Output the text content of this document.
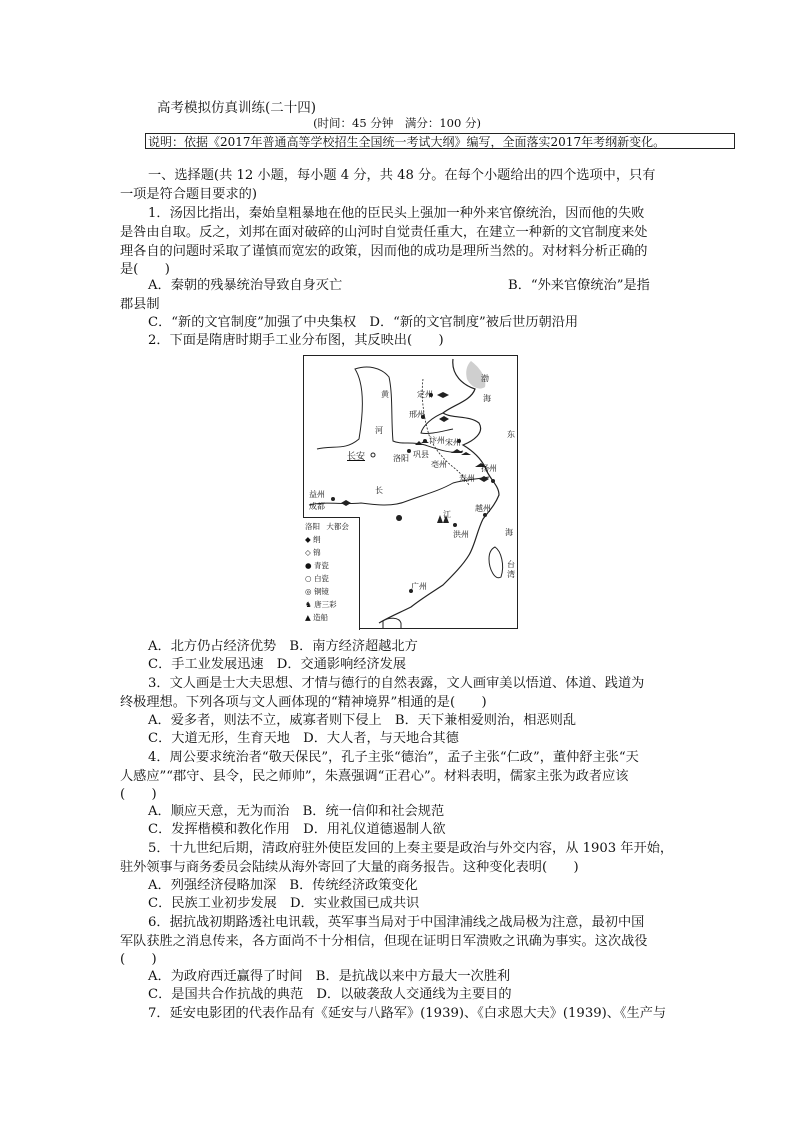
高考模拟仿真训练(二十四)
(时间：45 分钟　满分：100 分)
说明：依据《2017年普通高等学校招生全国统一考试大纲》编写，全面落实2017年考纲新变化。
一、选择题(共 12 小题，每小题 4 分，共 48 分。在每个小题给出的四个选项中，只有
一项是符合题目要求的)
1．汤因比指出，秦始皇粗暴地在他的臣民头上强加一种外来官僚统治，因而他的失败
是咎由自取。反之，刘邦在面对破碎的山河时自觉责任重大，在建立一种新的文官制度来处
理各自的问题时采取了谨慎而宽宏的政策，因而他的成功是理所当然的。对材料分析正确的
是(　　)
A．秦朝的残暴统治导致自身灭亡	B．“外来官僚统治”是指
郡县制
C．“新的文官制度”加强了中央集权　D．“新的文官制度”被后世历朝沿用
2．下面是隋唐时期手工业分布图，其反映出(　　)
渤
海
黄
河
长
江
东
海
台
湾
定州
邢州
长安	洛阳
汴州 宋州
巩县
亳州	扬州
寿州
益州
成都
洪州
越州
广州
洛阳 大都会
◆ 绢
◇ 锦
● 青瓷
○ 白瓷
◎ 铜镜
♞ 唐三彩
▲ 造船
A．北方仍占经济优势　B．南方经济超越北方
C．手工业发展迅速　D．交通影响经济发展
3．文人画是士大夫思想、才情与德行的自然表露，文人画审美以悟道、体道、践道为
终极理想。下列各项与文人画体现的“精神境界”相通的是(　　)
A．爱多者，则法不立，威寡者则下侵上　B．天下兼相爱则治，相恶则乱
C．大道无形，生育天地　D．大人者，与天地合其德
4．周公要求统治者“敬天保民”，孔子主张“德治”，孟子主张“仁政”，董仲舒主张“天
人感应”“郡守、县令，民之师帅”，朱熹强调“正君心”。材料表明，儒家主张为政者应该
(　　)
A．顺应天意，无为而治　B．统一信仰和社会规范
C．发挥楷模和教化作用　D．用礼仪道德遏制人欲
5．十九世纪后期，清政府驻外使臣发回的上奏主要是政治与外交内容，从 1903 年开始，
驻外领事与商务委员会陆续从海外寄回了大量的商务报告。这种变化表明(　　)
A．列强经济侵略加深　B．传统经济政策变化
C．民族工业初步发展　D．实业救国已成共识
6．据抗战初期路透社电讯载，英军事当局对于中国津浦线之战局极为注意，最初中国
军队获胜之消息传来，各方面尚不十分相信，但现在证明日军溃败之讯确为事实。这次战役
(　　)
A．为政府西迁赢得了时间　B．是抗战以来中方最大一次胜利
C．是国共合作抗战的典范　D．以破袭敌人交通线为主要目的
7．延安电影团的代表作品有《延安与八路军》(1939)、《白求恩大夫》(1939)、《生产与
